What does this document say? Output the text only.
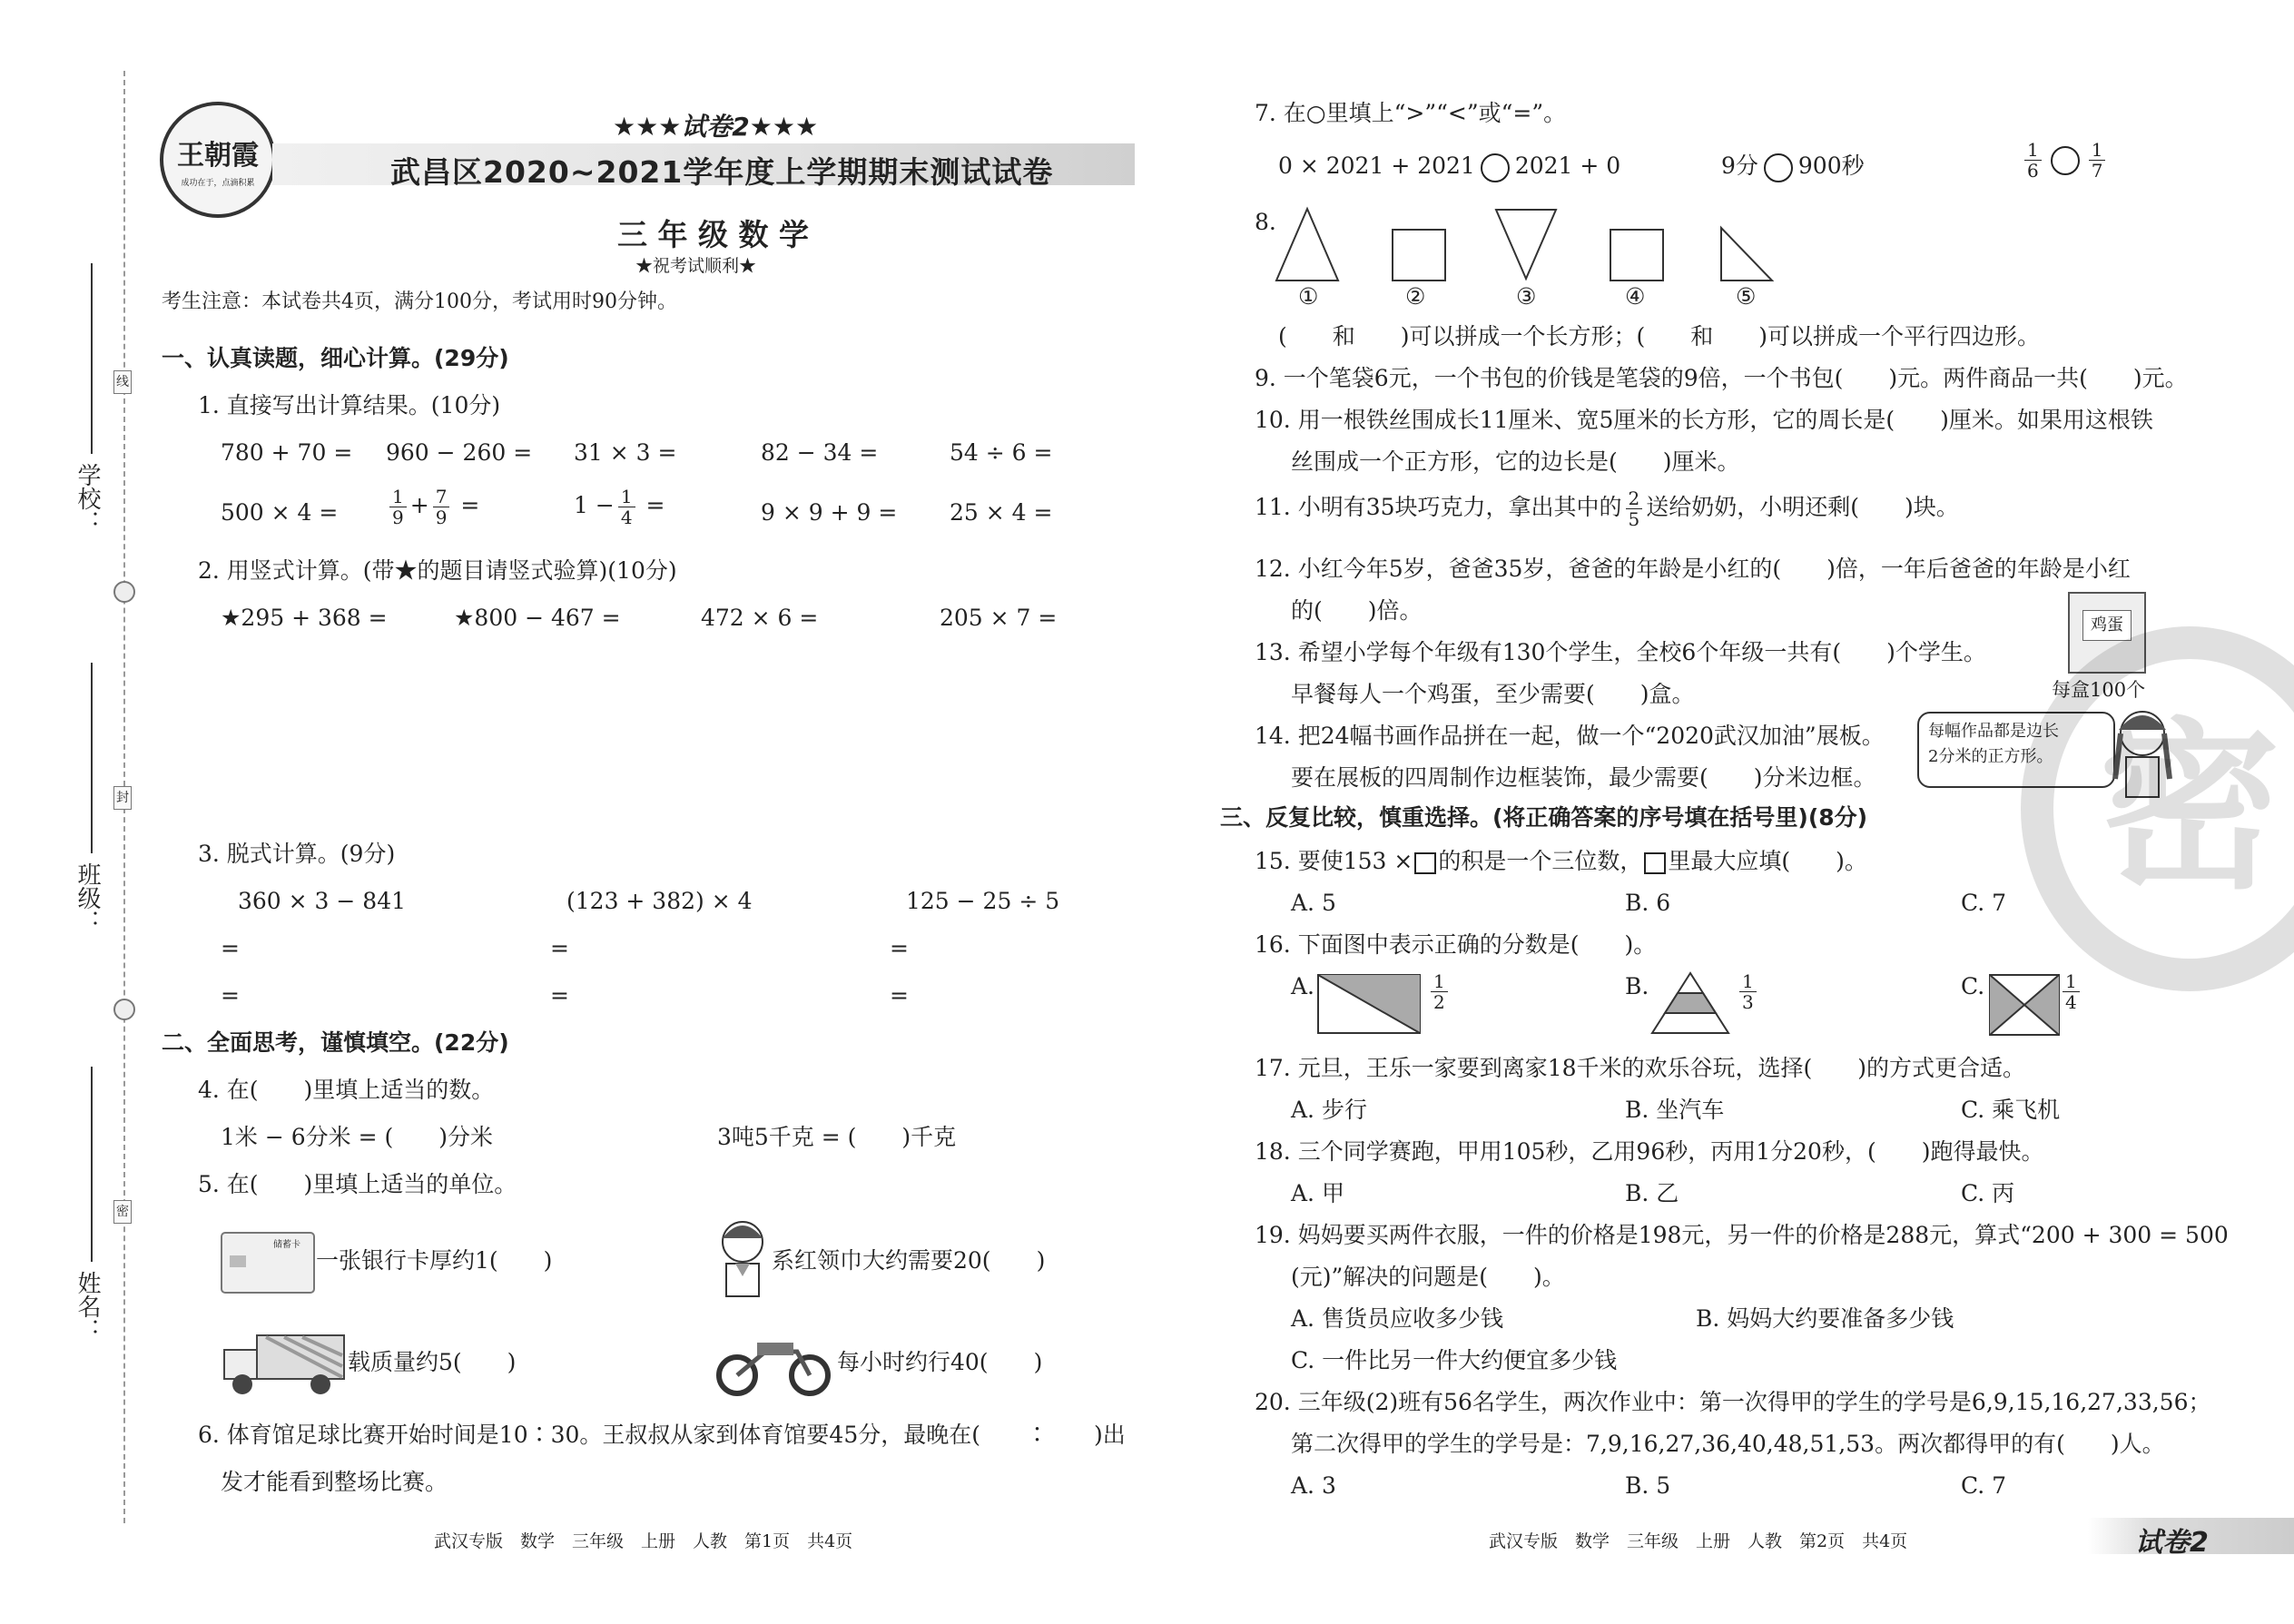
学校：
班级：
姓名：
线
封
密
王朝霞
成功在于，点滴积累
★★★试卷2★★★
武昌区2020~2021学年度上学期期末测试试卷
三 年 级 数 学
★祝考试顺利★
考生注意：本试卷共4页，满分100分，考试用时90分钟。
一、认真读题，细心计算。(29分)
1. 直接写出计算结果。(10分)
780 + 70 = 960 − 260 = 31 × 3 =	82 − 34 =	54 ÷ 6 =
500 × 4 =	$\frac{1}{9} + \frac{7}{9}$ =	$1 - \frac{1}{4}$ =	9 × 9 + 9 = 25 × 4 =
2. 用竖式计算。(带★的题目请竖式验算)(10分)
★295 + 368 =	★800 − 467 =	472 × 6 =	205 × 7 =
3. 脱式计算。(9分)
360 × 3 − 841	(123 + 382) × 4	125 − 25 ÷ 5
=	=	=
=	=	=
二、全面思考，谨慎填空。(22分)
4. 在(　　)里填上适当的数。
1米 − 6分米 = (　　)分米	3吨5千克 = (　　)千克
5. 在(　　)里填上适当的单位。
储蓄卡
一张银行卡厚约1(　　)	系红领巾大约需要20(　　)
载质量约5(　　)	每小时约行40(　　)
6. 体育馆足球比赛开始时间是10∶30。王叔叔从家到体育馆要45分，最晚在(　　∶　　)出
发才能看到整场比赛。
武汉专版　数学　三年级　上册　人教　第1页　共4页
7. 在○里填上“>”“<”或“=”。
0 × 2021 + 2021 2021 + 0	9分 900秒	$\frac{1}{6}$	$\frac{1}{7}$
8.
①	②	③	④	⑤
(　　和　　)可以拼成一个长方形；(　　和　　)可以拼成一个平行四边形。
9. 一个笔袋6元，一个书包的价钱是笔袋的9倍，一个书包(　　)元。两件商品一共(　　)元。
10. 用一根铁丝围成长11厘米、宽5厘米的长方形，它的周长是(　　)厘米。如果用这根铁
丝围成一个正方形，它的边长是(　　)厘米。
11. 小明有35块巧克力，拿出其中的 $\frac{2}{5}$ 送给奶奶，小明还剩(　　)块。
12. 小红今年5岁，爸爸35岁，爸爸的年龄是小红的(　　)倍，一年后爸爸的年龄是小红
的(　　)倍。
13. 希望小学每个年级有130个学生，全校6个年级一共有(　　)个学生。
早餐每人一个鸡蛋，至少需要(　　)盒。
鸡蛋
每盒100个
14. 把24幅书画作品拼在一起，做一个“2020武汉加油”展板。
要在展板的四周制作边框装饰，最少需要(　　)分米边框。
每幅作品都是边长
2分米的正方形。
三、反复比较，慎重选择。(将正确答案的序号填在括号里)(8分)
15. 要使153 × 的积是一个三位数， 里最大应填(　　)。
A. 5	B. 6	C. 7
16. 下面图中表示正确的分数是(　　)。
A.	$\frac{1}{2}$	B.	$\frac{1}{3}$	C.	$\frac{1}{4}$
17. 元旦，王乐一家要到离家18千米的欢乐谷玩，选择(　　)的方式更合适。
A. 步行	B. 坐汽车	C. 乘飞机
18. 三个同学赛跑，甲用105秒，乙用96秒，丙用1分20秒，(　　)跑得最快。
A. 甲	B. 乙	C. 丙
19. 妈妈要买两件衣服，一件的价格是198元，另一件的价格是288元，算式“200 + 300 = 500
(元)”解决的问题是(　　)。
A. 售货员应收多少钱	B. 妈妈大约要准备多少钱
C. 一件比另一件大约便宜多少钱
20. 三年级(2)班有56名学生，两次作业中：第一次得甲的学生的学号是6,9,15,16,27,33,56；
第二次得甲的学生的学号是：7,9,16,27,36,40,48,51,53。两次都得甲的有(　　)人。
A. 3	B. 5	C. 7
密
武汉专版　数学　三年级　上册　人教　第2页　共4页	试卷2
